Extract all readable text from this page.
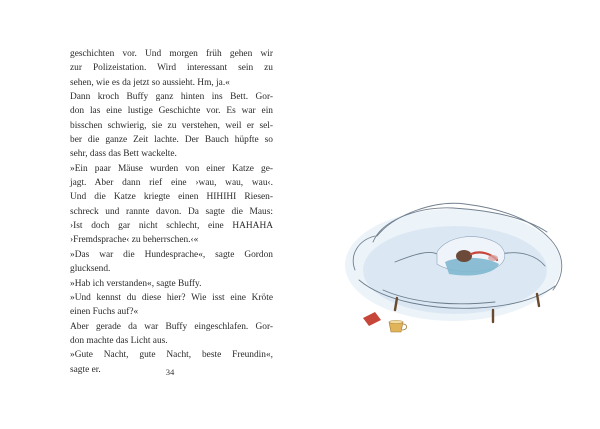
geschichten vor. Und morgen früh gehen wir
zur Polizeistation. Wird interessant sein zu
sehen, wie es da jetzt so aussieht. Hm, ja.«
Dann kroch Buffy ganz hinten ins Bett. Gor-
don las eine lustige Geschichte vor. Es war ein
bisschen schwierig, sie zu verstehen, weil er sel-
ber die ganze Zeit lachte. Der Bauch hüpfte so
sehr, dass das Bett wackelte.
»Ein paar Mäuse wurden von einer Katze ge-
jagt. Aber dann rief eine ›wau, wau, wau‹.
Und die Katze kriegte einen HIHIHI Riesen-
schreck und rannte davon. Da sagte die Maus:
›Ist doch gar nicht schlecht, eine HAHAHA
›Fremdsprache‹ zu beherrschen.‹«
»Das war die Hundesprache«, sagte Gordon
glucksend.
»Hab ich verstanden«, sagte Buffy.
»Und kennst du diese hier? Wie isst eine Kröte
einen Fuchs auf?«
Aber gerade da war Buffy eingeschlafen. Gor-
don machte das Licht aus.
»Gute Nacht, gute Nacht, beste Freundin«,
sagte er.	34
